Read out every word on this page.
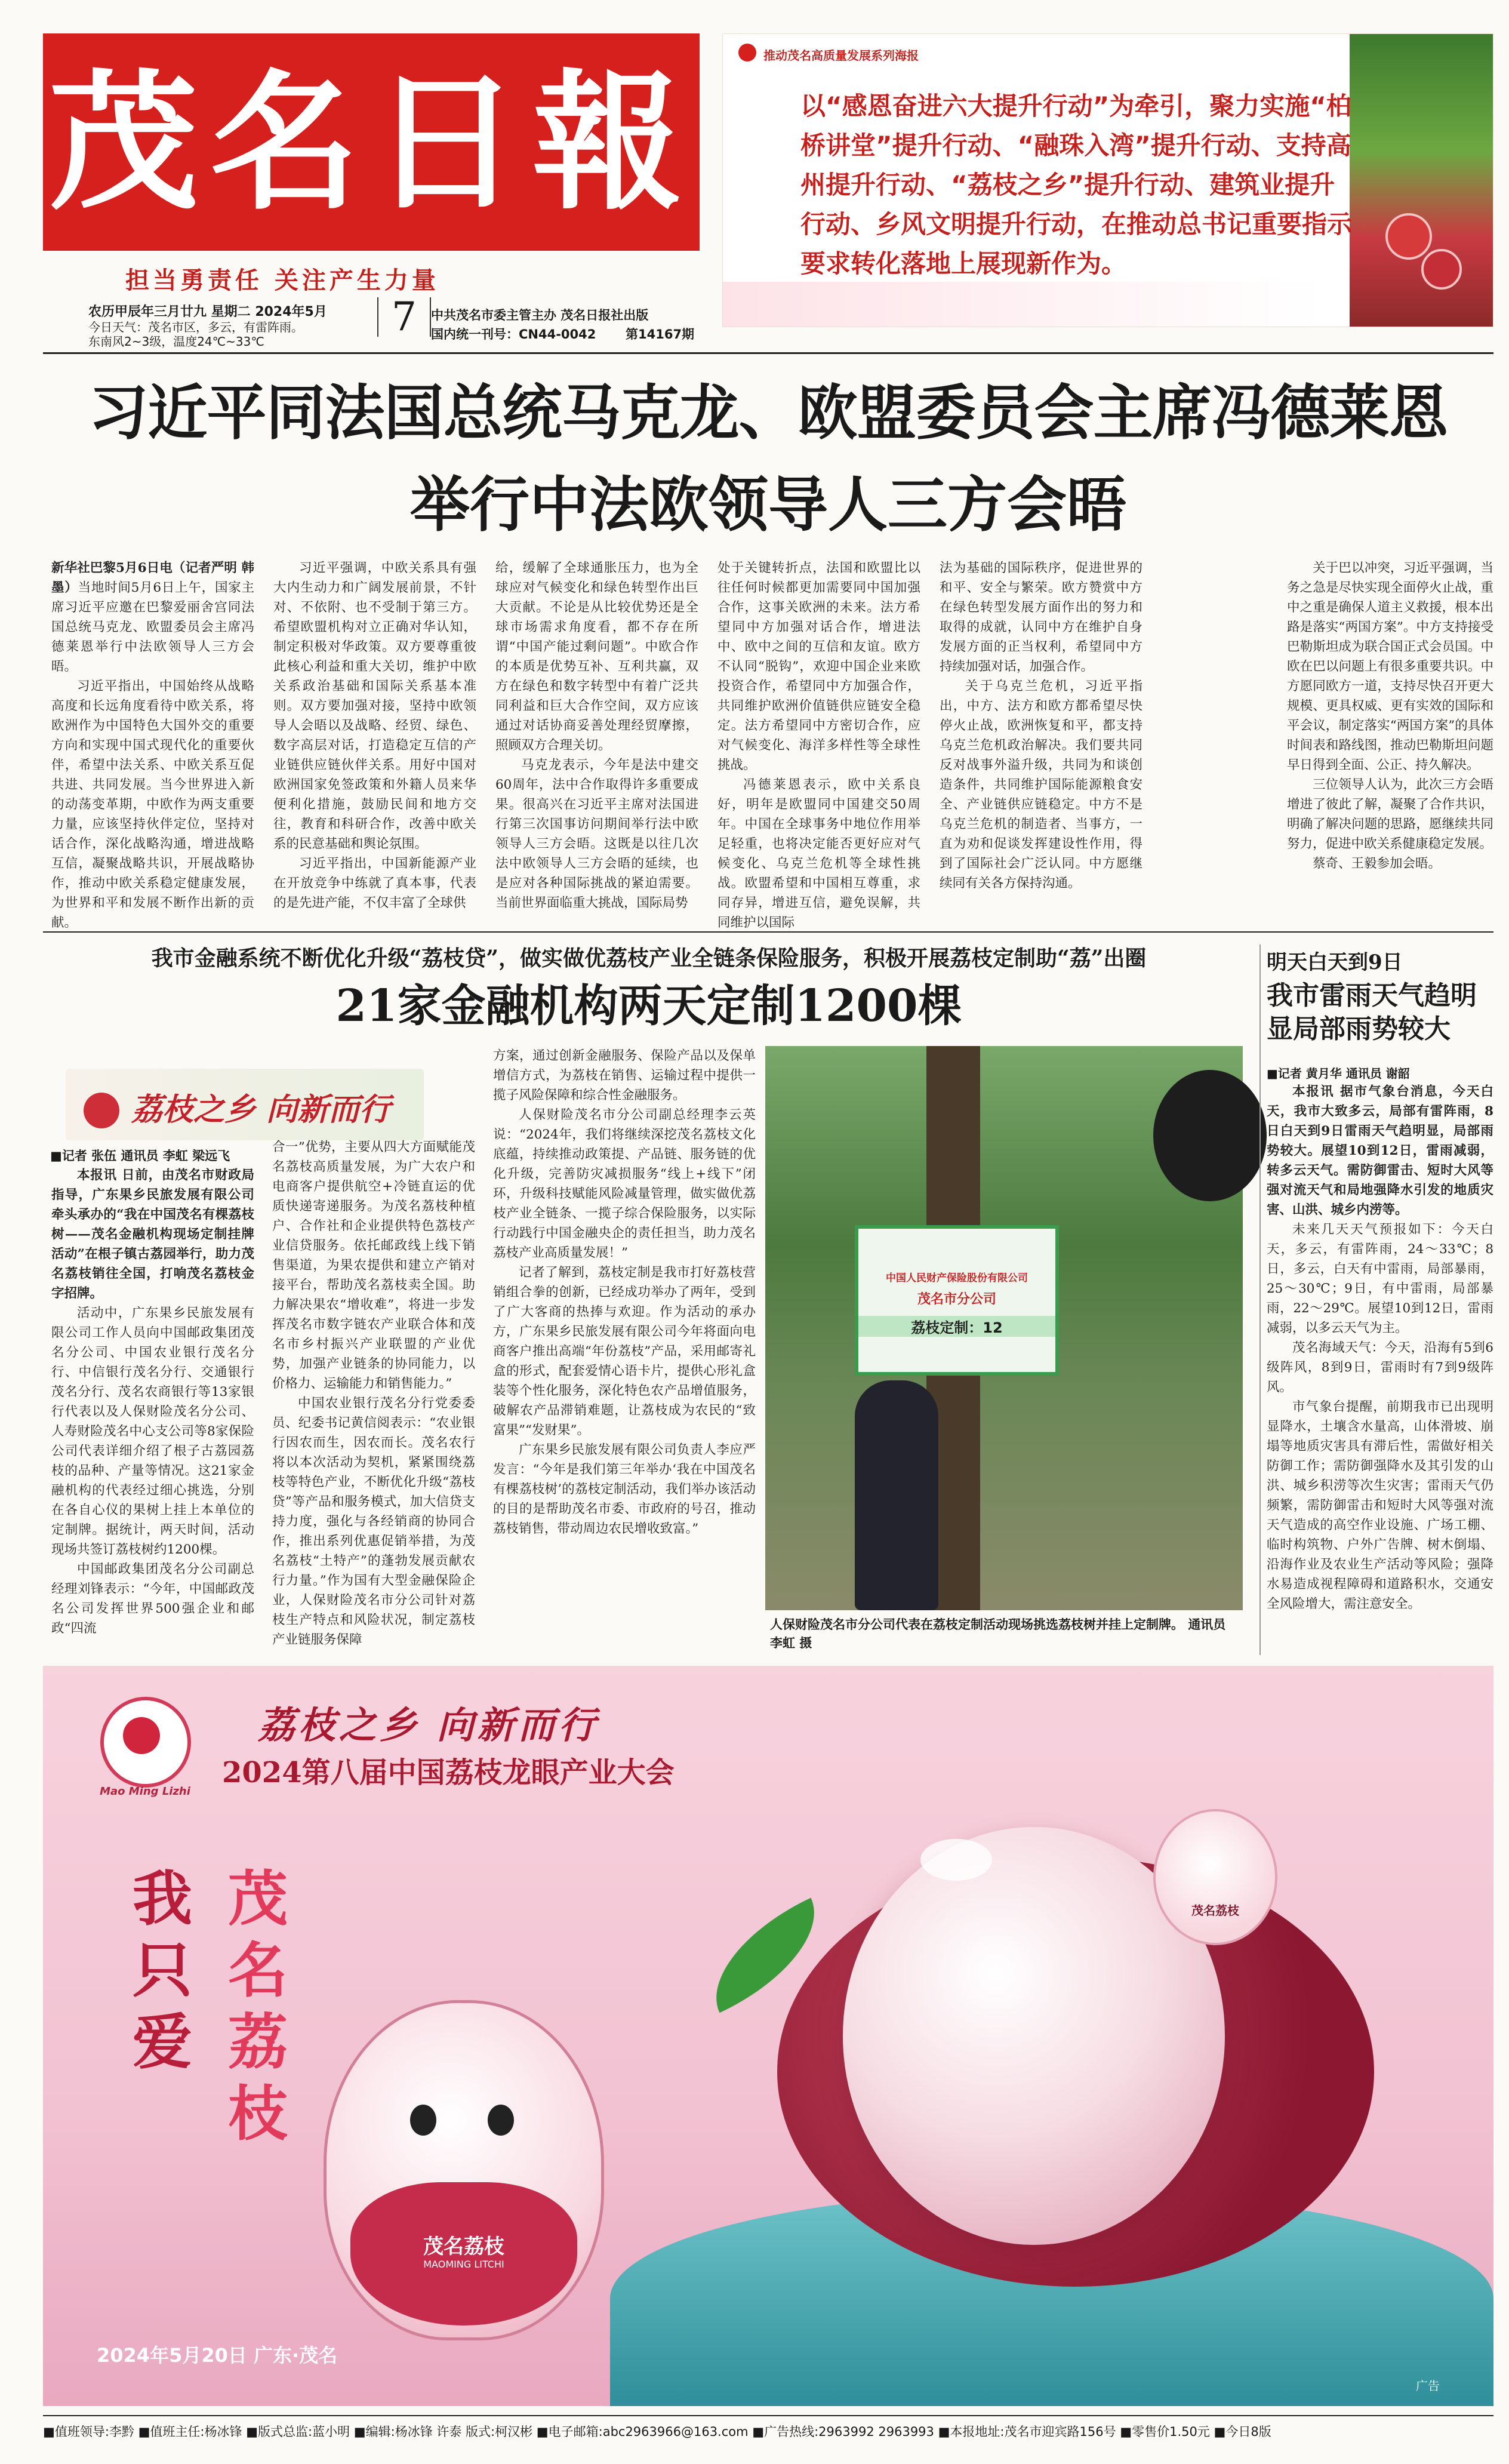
茂名日報
担当勇责任 关注产生力量
农历甲辰年三月廿九 星期二 2024年5月
今日天气：茂名市区，多云，有雷阵雨。
东南风2~3级，温度24℃~33℃
7	中共茂名市委主管主办 茂名日报社出版
国内统一刊号：CN44-0042 第14167期
推动茂名高质量发展系列海报
以“感恩奋进六大提升行动”为牵引，聚力实施“柏桥讲堂”提升行动、“融珠入湾”提升行动、支持高州提升行动、“荔枝之乡”提升行动、建筑业提升行动、乡风文明提升行动，在推动总书记重要指示要求转化落地上展现新作为。
习近平同法国总统马克龙、欧盟委员会主席冯德莱恩
举行中法欧领导人三方会晤

新华社巴黎5月6日电（记者严明 韩墨）当地时间5月6日上午，国家主席习近平应邀在巴黎爱丽舍宫同法国总统马克龙、欧盟委员会主席冯德莱恩举行中法欧领导人三方会晤。

习近平指出，中国始终从战略高度和长远角度看待中欧关系，将欧洲作为中国特色大国外交的重要方向和实现中国式现代化的重要伙伴，希望中法关系、中欧关系互促共进、共同发展。当今世界进入新的动荡变革期，中欧作为两支重要力量，应该坚持伙伴定位，坚持对话合作，深化战略沟通，增进战略互信，凝聚战略共识，开展战略协作，推动中欧关系稳定健康发展，为世界和平和发展不断作出新的贡献。

习近平强调，中欧关系具有强大内生动力和广阔发展前景，不针对、不依附、也不受制于第三方。希望欧盟机构对立正确对华认知，制定积极对华政策。双方要尊重彼此核心利益和重大关切，维护中欧关系政治基础和国际关系基本准则。双方要加强对接，坚持中欧领导人会晤以及战略、经贸、绿色、数字高层对话，打造稳定互信的产业链供应链伙伴关系。用好中国对欧洲国家免签政策和外籍人员来华便利化措施，鼓励民间和地方交往，教育和科研合作，改善中欧关系的民意基础和舆论氛围。

习近平指出，中国新能源产业在开放竞争中练就了真本事，代表的是先进产能，不仅丰富了全球供

给，缓解了全球通胀压力，也为全球应对气候变化和绿色转型作出巨大贡献。不论是从比较优势还是全球市场需求角度看，都不存在所谓“中国产能过剩问题”。中欧合作的本质是优势互补、互利共赢，双方在绿色和数字转型中有着广泛共同利益和巨大合作空间，双方应该通过对话协商妥善处理经贸摩擦，照顾双方合理关切。

马克龙表示，今年是法中建交60周年，法中合作取得许多重要成果。很高兴在习近平主席对法国进行第三次国事访问期间举行法中欧领导人三方会晤。这既是以往几次法中欧领导人三方会晤的延续，也是应对各种国际挑战的紧迫需要。当前世界面临重大挑战，国际局势

处于关键转折点，法国和欧盟比以往任何时候都更加需要同中国加强合作，这事关欧洲的未来。法方希望同中方加强对话合作，增进法中、欧中之间的互信和友谊。欧方不认同“脱钩”，欢迎中国企业来欧投资合作，希望同中方加强合作，共同维护欧洲价值链供应链安全稳定。法方希望同中方密切合作，应对气候变化、海洋多样性等全球性挑战。

冯德莱恩表示，欧中关系良好，明年是欧盟同中国建交50周年。中国在全球事务中地位作用举足轻重，也将决定能否更好应对气候变化、乌克兰危机等全球性挑战。欧盟希望和中国相互尊重，求同存异，增进互信，避免误解，共同维护以国际

法为基础的国际秩序，促进世界的和平、安全与繁荣。欧方赞赏中方在绿色转型发展方面作出的努力和取得的成就，认同中方在维护自身发展方面的正当权利，希望同中方持续加强对话，加强合作。

关于乌克兰危机，习近平指出，中方、法方和欧方都希望尽快停火止战，欧洲恢复和平，都支持乌克兰危机政治解决。我们要共同反对战事外溢升级，共同为和谈创造条件，共同维护国际能源粮食安全、产业链供应链稳定。中方不是乌克兰危机的制造者、当事方，一直为劝和促谈发挥建设性作用，得到了国际社会广泛认同。中方愿继续同有关各方保持沟通。

关于巴以冲突，习近平强调，当务之急是尽快实现全面停火止战，重中之重是确保人道主义救援，根本出路是落实“两国方案”。中方支持接受巴勒斯坦成为联合国正式会员国。中欧在巴以问题上有很多重要共识。中方愿同欧方一道，支持尽快召开更大规模、更具权威、更有实效的国际和平会议，制定落实“两国方案”的具体时间表和路线图，推动巴勒斯坦问题早日得到全面、公正、持久解决。

三位领导人认为，此次三方会晤增进了彼此了解，凝聚了合作共识，明确了解决问题的思路，愿继续共同努力，促进中欧关系健康稳定发展。

蔡奇、王毅参加会晤。

我市金融系统不断优化升级“荔枝贷”，做实做优荔枝产业全链条保险服务，积极开展荔枝定制助“荔”出圈
21家金融机构两天定制1200棵
荔枝之乡 向新而行
■记者 张伍 通讯员 李虹 梁远飞

本报讯 日前，由茂名市财政局指导，广东果乡民旅发展有限公司牵头承办的“我在中国茂名有棵荔枝树——茂名金融机构现场定制挂牌活动”在根子镇古荔园举行，助力茂名荔枝销往全国，打响茂名荔枝金字招牌。

活动中，广东果乡民旅发展有限公司工作人员向中国邮政集团茂名分公司、中国农业银行茂名分行、中信银行茂名分行、交通银行茂名分行、茂名农商银行等13家银行代表以及人保财险茂名分公司、人寿财险茂名中心支公司等8家保险公司代表详细介绍了根子古荔园荔枝的品种、产量等情况。这21家金融机构的代表经过细心挑选，分别在各自心仪的果树上挂上本单位的定制牌。据统计，两天时间，活动现场共签订荔枝树约1200棵。

中国邮政集团茂名分公司副总经理刘锋表示：“今年，中国邮政茂名公司发挥世界500强企业和邮政“四流

合一”优势，主要从四大方面赋能茂名荔枝高质量发展，为广大农户和电商客户提供航空+冷链直运的优质快递寄递服务。为茂名荔枝种植户、合作社和企业提供特色荔枝产业信贷服务。依托邮政线上线下销售渠道，为果农提供和建立产销对接平台，帮助茂名荔枝卖全国。助力解决果农“增收难”，将进一步发挥茂名市数字链农产业联合体和茂名市乡村振兴产业联盟的产业优势，加强产业链条的协同能力，以价格力、运输能力和销售能力。”

中国农业银行茂名分行党委委员、纪委书记黄信阅表示：“农业银行因农而生，因农而长。茂名农行将以本次活动为契机，紧紧围绕荔枝等特色产业，不断优化升级“荔枝贷”等产品和服务模式，加大信贷支持力度，强化与各经销商的协同合作，推出系列优惠促销举措，为茂名荔枝“土特产”的蓬勃发展贡献农行力量。”作为国有大型金融保险企业，人保财险茂名市分公司针对荔枝生产特点和风险状况，制定荔枝产业链服务保障

方案，通过创新金融服务、保险产品以及保单增信方式，为荔枝在销售、运输过程中提供一揽子风险保障和综合性金融服务。

人保财险茂名市分公司副总经理李云英说：“2024年，我们将继续深挖茂名荔枝文化底蕴，持续推动政策提、产品链、服务链的优化升级，完善防灾减损服务“线上+线下”闭环，升级科技赋能风险减量管理，做实做优荔枝产业全链条、一揽子综合保险服务，以实际行动践行中国金融央企的责任担当，助力茂名荔枝产业高质量发展！”

记者了解到，荔枝定制是我市打好荔枝营销组合拳的创新，已经成功举办了两年，受到了广大客商的热捧与欢迎。作为活动的承办方，广东果乡民旅发展有限公司今年将面向电商客户推出高端“年份荔枝”产品，采用邮寄礼盒的形式，配套爱情心语卡片，提供心形礼盒装等个性化服务，深化特色农产品增值服务，破解农产品滞销难题，让荔枝成为农民的“致富果”“发财果”。

广东果乡民旅发展有限公司负责人李应严发言：“今年是我们第三年举办‘我在中国茂名有棵荔枝树’的荔枝定制活动，我们举办该活动的目的是帮助茂名市委、市政府的号召，推动荔枝销售，带动周边农民增收致富。”

中国人民财产保险股份有限公司
茂名市分公司
荔枝定制：12
人保财险茂名市分公司代表在荔枝定制活动现场挑选荔枝树并挂上定制牌。 通讯员 李虹 摄
明天白天到9日
我市雷雨天气趋明显局部雨势较大
■记者 黄月华 通讯员 谢韶

本报讯 据市气象台消息，今天白天，我市大致多云，局部有雷阵雨，8日白天到9日雷雨天气趋明显，局部雨势较大。展望10到12日，雷雨减弱，转多云天气。需防御雷击、短时大风等强对流天气和局地强降水引发的地质灾害、山洪、城乡内涝等。

未来几天天气预报如下：今天白天，多云，有雷阵雨，24～33℃；8日，多云，白天有中雷雨，局部暴雨，25～30℃；9日，有中雷雨，局部暴雨，22～29℃。展望10到12日，雷雨减弱，以多云天气为主。

茂名海域天气：今天，沿海有5到6级阵风，8到9日，雷雨时有7到9级阵风。

市气象台提醒，前期我市已出现明显降水，土壤含水量高，山体滑坡、崩塌等地质灾害具有滞后性，需做好相关防御工作；需防御强降水及其引发的山洪、城乡积涝等次生灾害；雷雨天气仍频繁，需防御雷击和短时大风等强对流天气造成的高空作业设施、广场工棚、临时构筑物、户外广告牌、树木倒塌、沿海作业及农业生产活动等风险；强降水易造成视程障碍和道路积水，交通安全风险增大，需注意安全。

Mao Ming Lizhi
荔枝之乡 向新而行
2024第八届中国荔枝龙眼产业大会
茂名荔枝
我只爱
茂名荔枝
茂名荔枝
MAOMING LITCHI
2024年5月20日 广东·茂名
广告
■值班领导:李黔 ■值班主任:杨冰锋 ■版式总监:蓝小明 ■编辑:杨冰锋 许泰 版式:柯汉彬 ■电子邮箱:abc2963966@163.com ■广告热线:2963992 2963993 ■本报地址:茂名市迎宾路156号 ■零售价1.50元 ■今日8版
